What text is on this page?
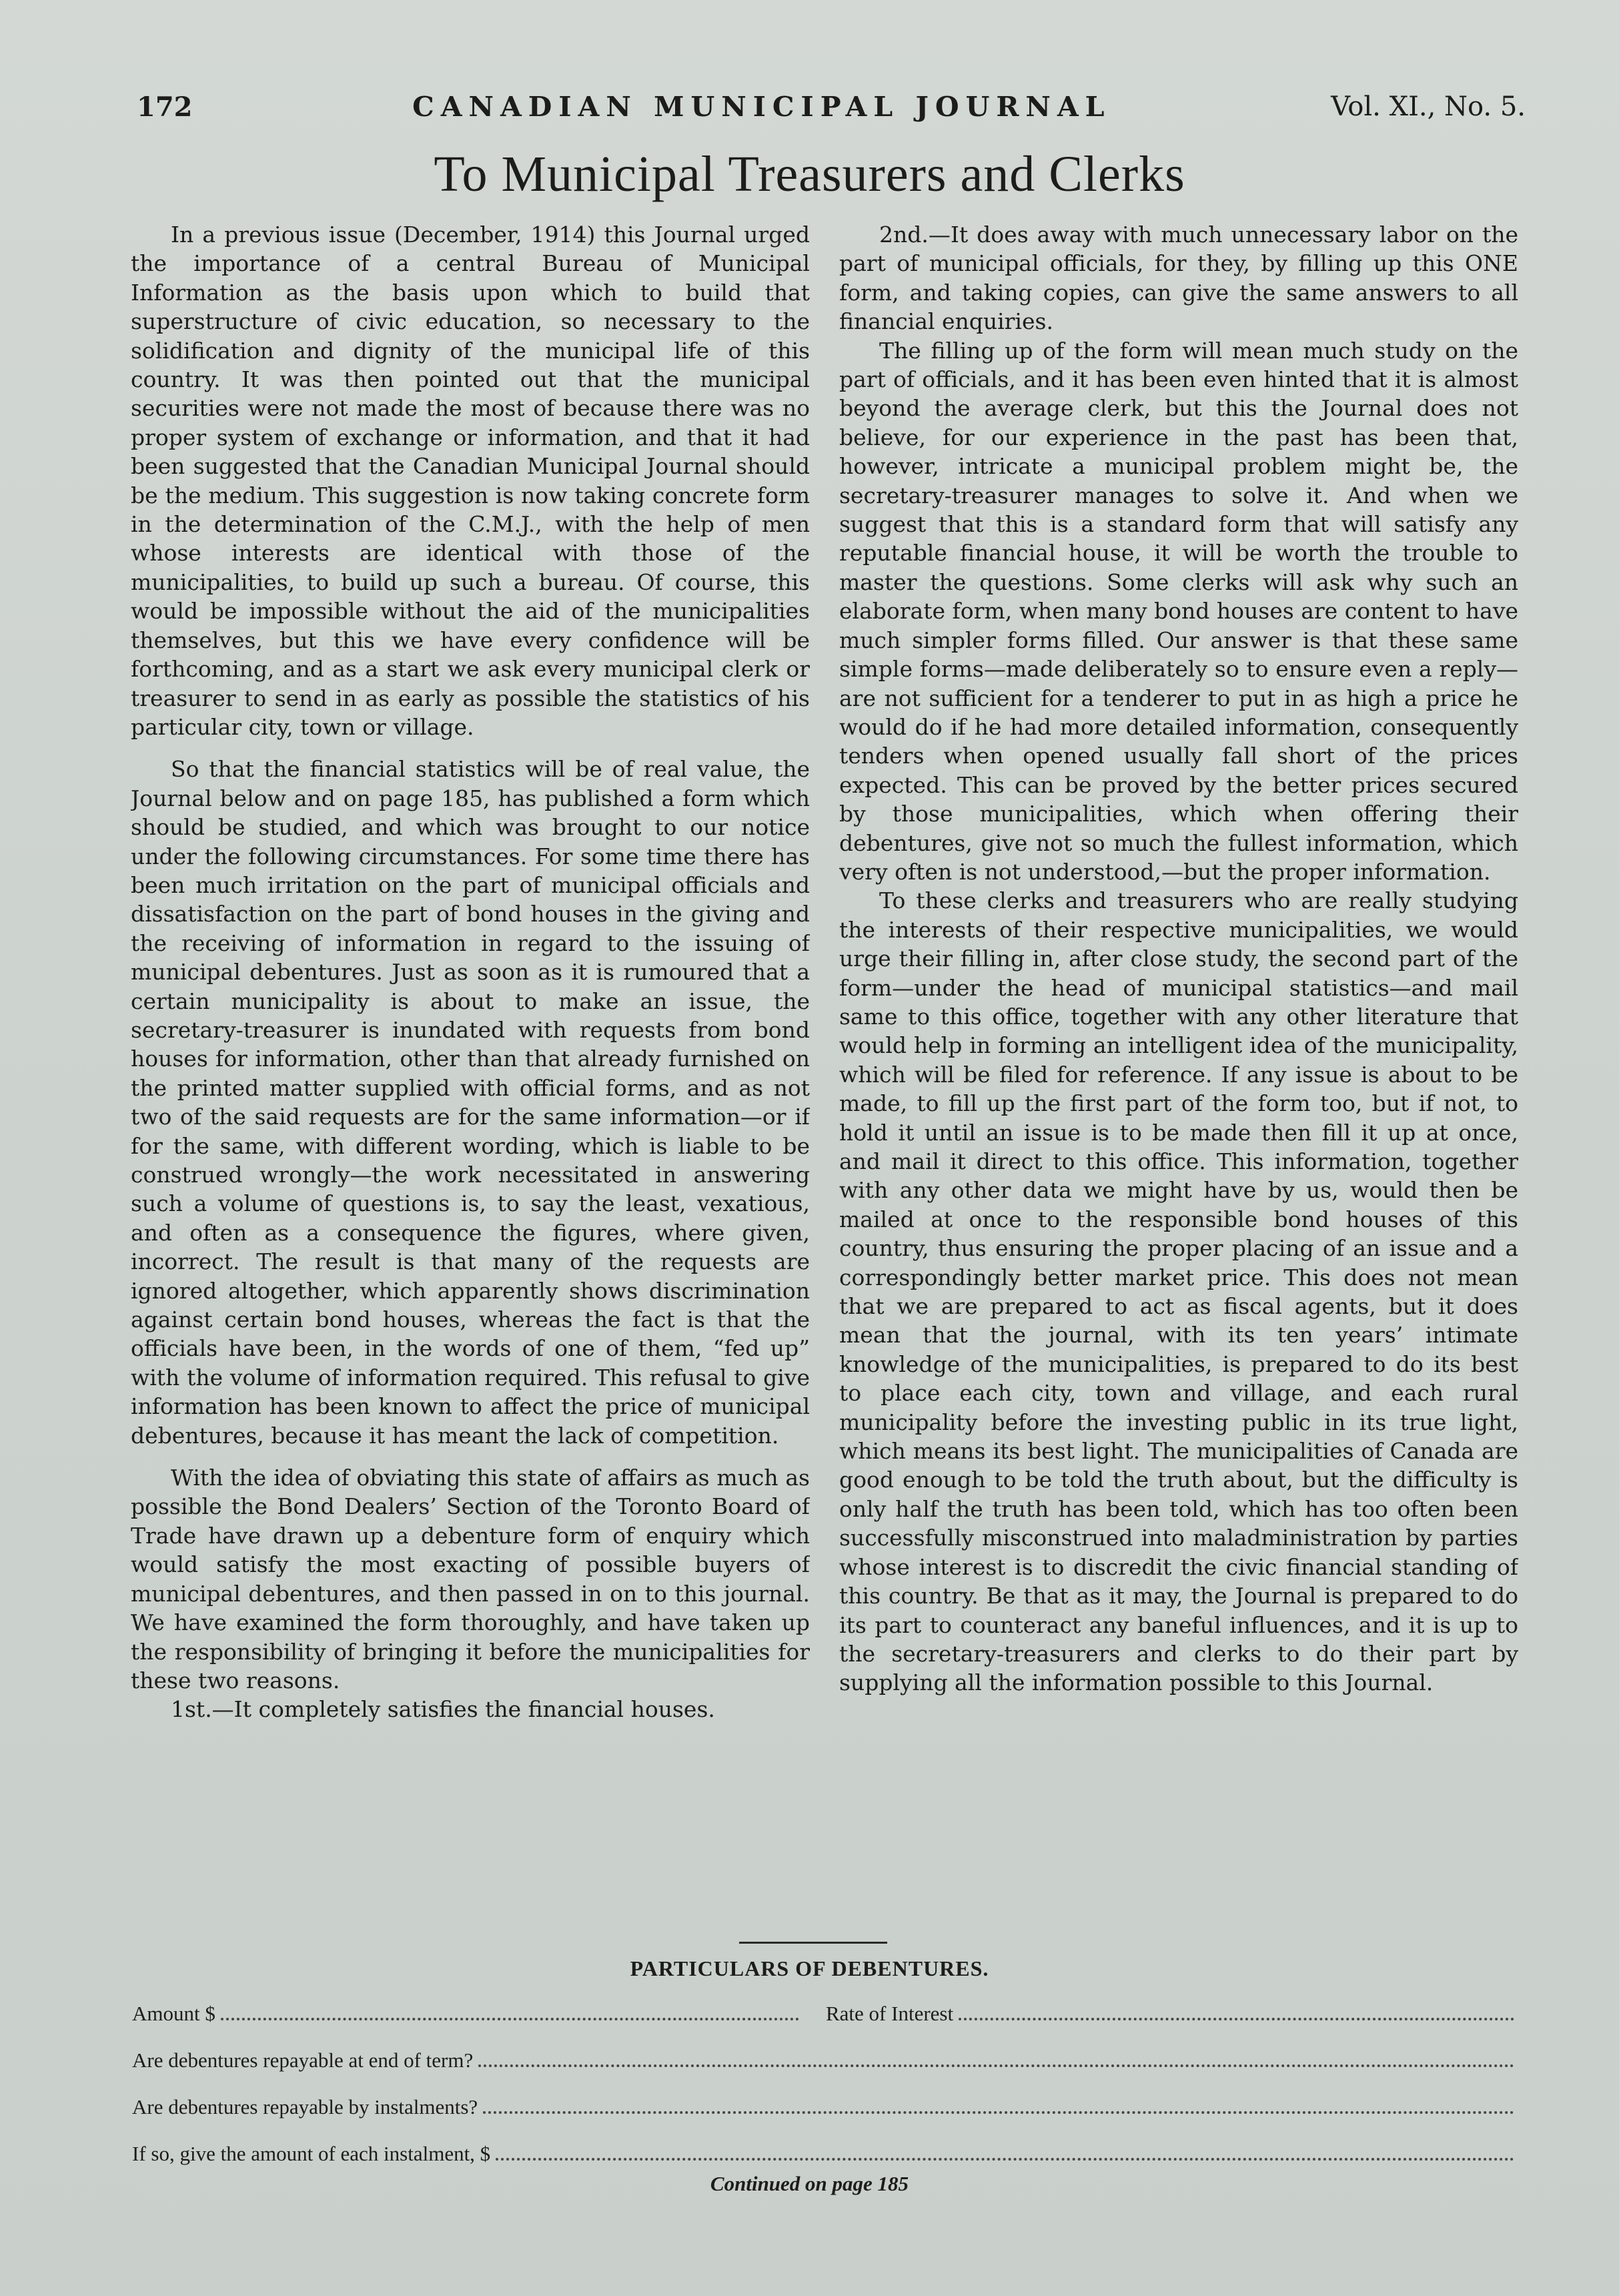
172	CANADIAN MUNICIPAL JOURNAL	Vol. XI., No. 5.
To Municipal Treasurers and Clerks

In a previous issue (December, 1914) this Journal urged the importance of a central Bureau of Municipal Information as the basis upon which to build that superstructure of civic education, so necessary to the solidification and dignity of the municipal life of this country. It was then pointed out that the municipal securities were not made the most of because there was no proper system of exchange or information, and that it had been suggested that the Canadian Municipal Journal should be the medium. This suggestion is now taking concrete form in the determination of the C.M.J., with the help of men whose interests are identical with those of the municipalities, to build up such a bureau. Of course, this would be impossible without the aid of the municipalities themselves, but this we have every confidence will be forthcoming, and as a start we ask every municipal clerk or treasurer to send in as early as possible the statistics of his particular city, town or village.

So that the financial statistics will be of real value, the Journal below and on page 185, has published a form which should be studied, and which was brought to our notice under the following circumstances. For some time there has been much irritation on the part of municipal officials and dissatisfaction on the part of bond houses in the giving and the receiving of information in regard to the issuing of municipal debentures. Just as soon as it is rumoured that a certain municipality is about to make an issue, the secretary-treasurer is inundated with requests from bond houses for information, other than that already furnished on the printed matter supplied with official forms, and as not two of the said requests are for the same information—or if for the same, with different wording, which is liable to be construed wrongly—the work necessitated in answering such a volume of questions is, to say the least, vexatious, and often as a consequence the figures, where given, incorrect. The result is that many of the requests are ignored altogether, which apparently shows discrimination against certain bond houses, whereas the fact is that the officials have been, in the words of one of them, “fed up” with the volume of information required. This refusal to give information has been known to affect the price of municipal debentures, because it has meant the lack of competition.

With the idea of obviating this state of affairs as much as possible the Bond Dealers’ Section of the Toronto Board of Trade have drawn up a debenture form of enquiry which would satisfy the most exacting of possible buyers of municipal debentures, and then passed in on to this journal. We have examined the form thoroughly, and have taken up the responsibility of bringing it before the municipalities for these two reasons.

1st.—It completely satisfies the financial houses.

2nd.—It does away with much unnecessary labor on the part of municipal officials, for they, by filling up this ONE form, and taking copies, can give the same answers to all financial enquiries.

The filling up of the form will mean much study on the part of officials, and it has been even hinted that it is almost beyond the average clerk, but this the Journal does not believe, for our experience in the past has been that, however, intricate a municipal problem might be, the secretary-treasurer manages to solve it. And when we suggest that this is a standard form that will satisfy any reputable financial house, it will be worth the trouble to master the questions. Some clerks will ask why such an elaborate form, when many bond houses are content to have much simpler forms filled. Our answer is that these same simple forms—made deliberately so to ensure even a reply—are not sufficient for a tenderer to put in as high a price he would do if he had more detailed information, consequently tenders when opened usually fall short of the prices expected. This can be proved by the better prices secured by those municipalities, which when offering their debentures, give not so much the fullest information, which very often is not understood,—but the proper information.

To these clerks and treasurers who are really studying the interests of their respective municipalities, we would urge their filling in, after close study, the second part of the form—under the head of municipal statistics—and mail same to this office, together with any other literature that would help in forming an intelligent idea of the municipality, which will be filed for reference. If any issue is about to be made, to fill up the first part of the form too, but if not, to hold it until an issue is to be made then fill it up at once, and mail it direct to this office. This information, together with any other data we might have by us, would then be mailed at once to the responsible bond houses of this country, thus ensuring the proper placing of an issue and a correspondingly better market price. This does not mean that we are prepared to act as fiscal agents, but it does mean that the journal, with its ten years’ intimate knowledge of the municipalities, is prepared to do its best to place each city, town and village, and each rural municipality before the investing public in its true light, which means its best light. The municipalities of Canada are good enough to be told the truth about, but the difficulty is only half the truth has been told, which has too often been successfully misconstrued into maladministration by parties whose interest is to discredit the civic financial standing of this country. Be that as it may, the Journal is prepared to do its part to counteract any baneful influences, and it is up to the secretary-treasurers and clerks to do their part by supplying all the information possible to this Journal.

PARTICULARS OF DEBENTURES.
Amount $	Rate of Interest
Are debentures repayable at end of term?
Are debentures repayable by instalments?
If so, give the amount of each instalment, $
Continued on page 185
